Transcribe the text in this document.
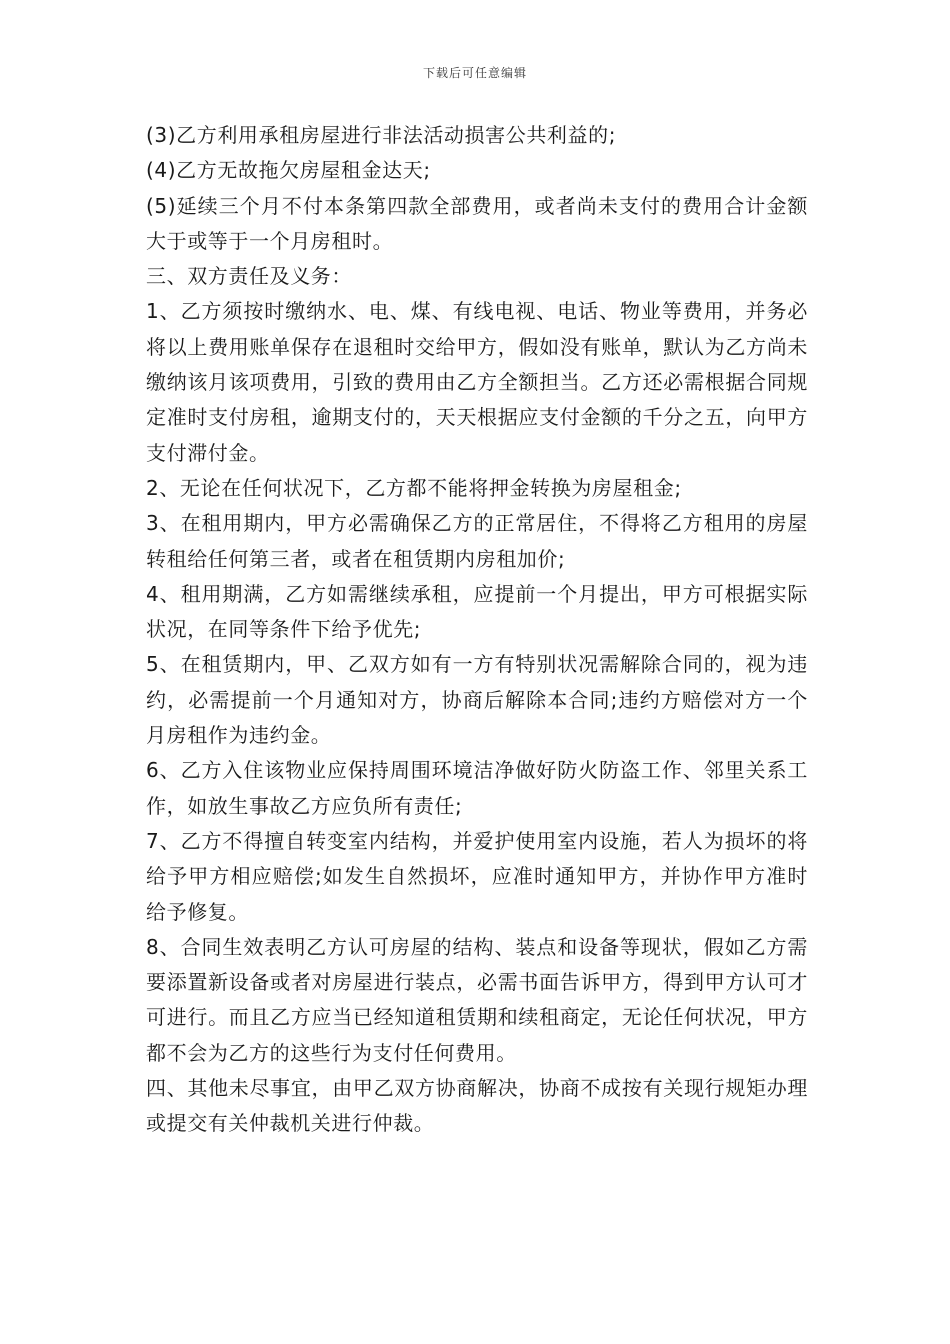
下载后可任意编辑

(3)乙方利用承租房屋进行非法活动损害公共利益的;

(4)乙方无故拖欠房屋租金达天;

(5)延续三个月不付本条第四款全部费用，或者尚未支付的费用合计金额大于或等于一个月房租时。

三、双方责任及义务：

1、乙方须按时缴纳水、电、煤、有线电视、电话、物业等费用，并务必将以上费用账单保存在退租时交给甲方，假如没有账单，默认为乙方尚未缴纳该月该项费用，引致的费用由乙方全额担当。乙方还必需根据合同规定准时支付房租，逾期支付的，天天根据应支付金额的千分之五，向甲方支付滞付金。

2、无论在任何状况下，乙方都不能将押金转换为房屋租金;

3、在租用期内，甲方必需确保乙方的正常居住，不得将乙方租用的房屋转租给任何第三者，或者在租赁期内房租加价;

4、租用期满，乙方如需继续承租，应提前一个月提出，甲方可根据实际状况，在同等条件下给予优先;

5、在租赁期内，甲、乙双方如有一方有特别状况需解除合同的，视为违约，必需提前一个月通知对方，协商后解除本合同;违约方赔偿对方一个月房租作为违约金。

6、乙方入住该物业应保持周围环境洁净做好防火防盗工作、邻里关系工作，如放生事故乙方应负所有责任;

7、乙方不得擅自转变室内结构，并爱护使用室内设施，若人为损坏的将给予甲方相应赔偿;如发生自然损坏，应准时通知甲方，并协作甲方准时给予修复。

8、合同生效表明乙方认可房屋的结构、装点和设备等现状，假如乙方需要添置新设备或者对房屋进行装点，必需书面告诉甲方，得到甲方认可才可进行。而且乙方应当已经知道租赁期和续租商定，无论任何状况，甲方都不会为乙方的这些行为支付任何费用。

四、其他未尽事宜，由甲乙双方协商解决，协商不成按有关现行规矩办理或提交有关仲裁机关进行仲裁。
